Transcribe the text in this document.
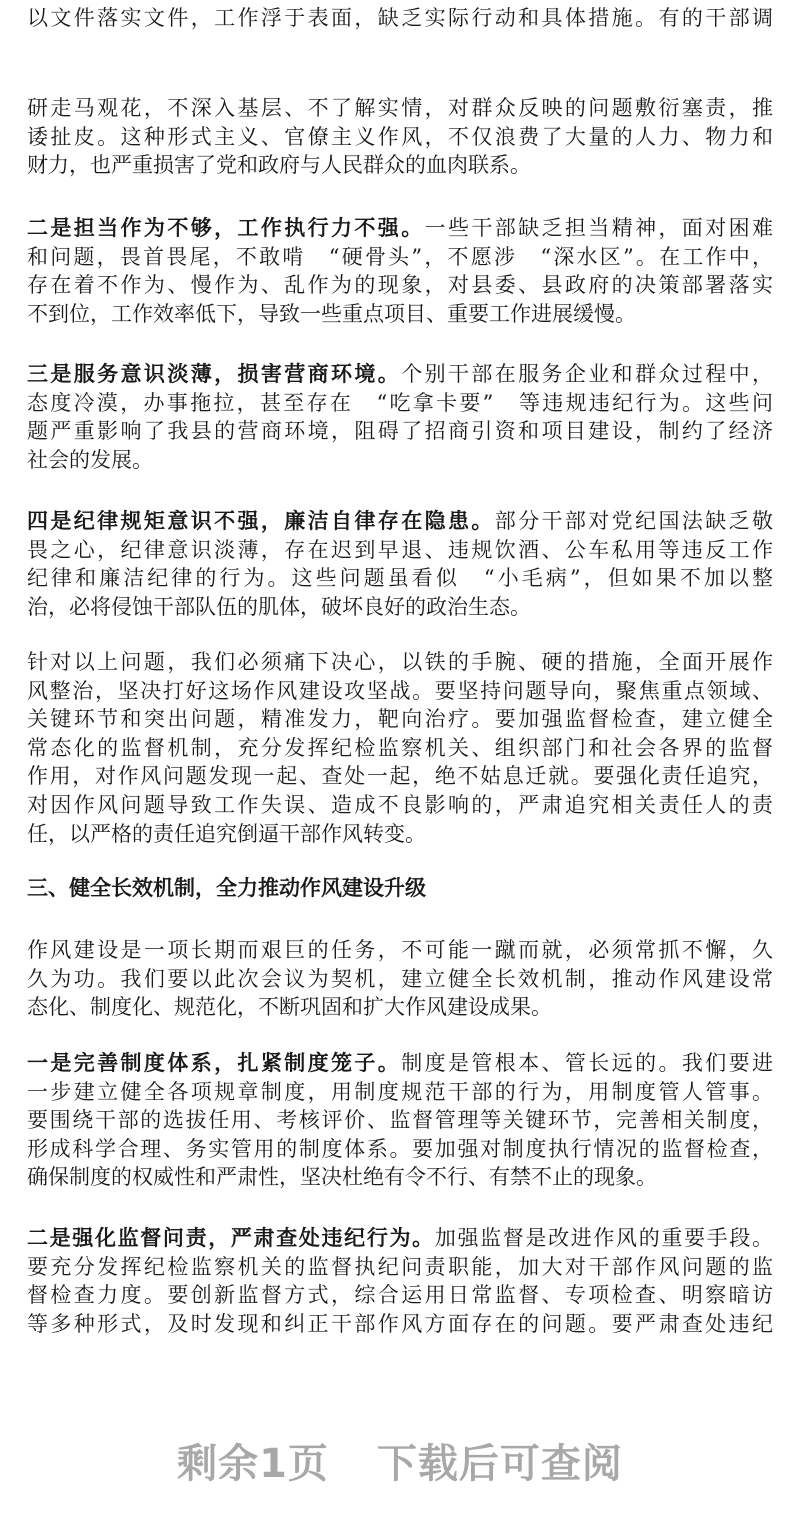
以文件落实文件，工作浮于表面，缺乏实际行动和具体措施。有的干部调
研走马观花，不深入基层、不了解实情，对群众反映的问题敷衍塞责，推
诿扯皮。这种形式主义、官僚主义作风，不仅浪费了大量的人力、物力和
财力，也严重损害了党和政府与人民群众的血肉联系。
二是担当作为不够，工作执行力不强。一些干部缺乏担当精神，面对困难
和问题，畏首畏尾，不敢啃　“硬骨头”，不愿涉　“深水区”。在工作中，
存在着不作为、慢作为、乱作为的现象，对县委、县政府的决策部署落实
不到位，工作效率低下，导致一些重点项目、重要工作进展缓慢。
三是服务意识淡薄，损害营商环境。个别干部在服务企业和群众过程中，
态度冷漠，办事拖拉，甚至存在　“吃拿卡要”　等违规违纪行为。这些问
题严重影响了我县的营商环境，阻碍了招商引资和项目建设，制约了经济
社会的发展。
四是纪律规矩意识不强，廉洁自律存在隐患。部分干部对党纪国法缺乏敬
畏之心，纪律意识淡薄，存在迟到早退、违规饮酒、公车私用等违反工作
纪律和廉洁纪律的行为。这些问题虽看似　“小毛病”，但如果不加以整
治，必将侵蚀干部队伍的肌体，破坏良好的政治生态。
针对以上问题，我们必须痛下决心，以铁的手腕、硬的措施，全面开展作
风整治，坚决打好这场作风建设攻坚战。要坚持问题导向，聚焦重点领域、
关键环节和突出问题，精准发力，靶向治疗。要加强监督检查，建立健全
常态化的监督机制，充分发挥纪检监察机关、组织部门和社会各界的监督
作用，对作风问题发现一起、查处一起，绝不姑息迁就。要强化责任追究，
对因作风问题导致工作失误、造成不良影响的，严肃追究相关责任人的责
任，以严格的责任追究倒逼干部作风转变。
作风建设是一项长期而艰巨的任务，不可能一蹴而就，必须常抓不懈，久
久为功。我们要以此次会议为契机，建立健全长效机制，推动作风建设常
态化、制度化、规范化，不断巩固和扩大作风建设成果。
一是完善制度体系，扎紧制度笼子。制度是管根本、管长远的。我们要进
一步建立健全各项规章制度，用制度规范干部的行为，用制度管人管事。
要围绕干部的选拔任用、考核评价、监督管理等关键环节，完善相关制度，
形成科学合理、务实管用的制度体系。要加强对制度执行情况的监督检查，
确保制度的权威性和严肃性，坚决杜绝有令不行、有禁不止的现象。
二是强化监督问责，严肃查处违纪行为。加强监督是改进作风的重要手段。
要充分发挥纪检监察机关的监督执纪问责职能，加大对干部作风问题的监
督检查力度。要创新监督方式，综合运用日常监督、专项检查、明察暗访
等多种形式，及时发现和纠正干部作风方面存在的问题。要严肃查处违纪
三、健全长效机制，全力推动作风建设升级
剩余1页 下载后可查阅
